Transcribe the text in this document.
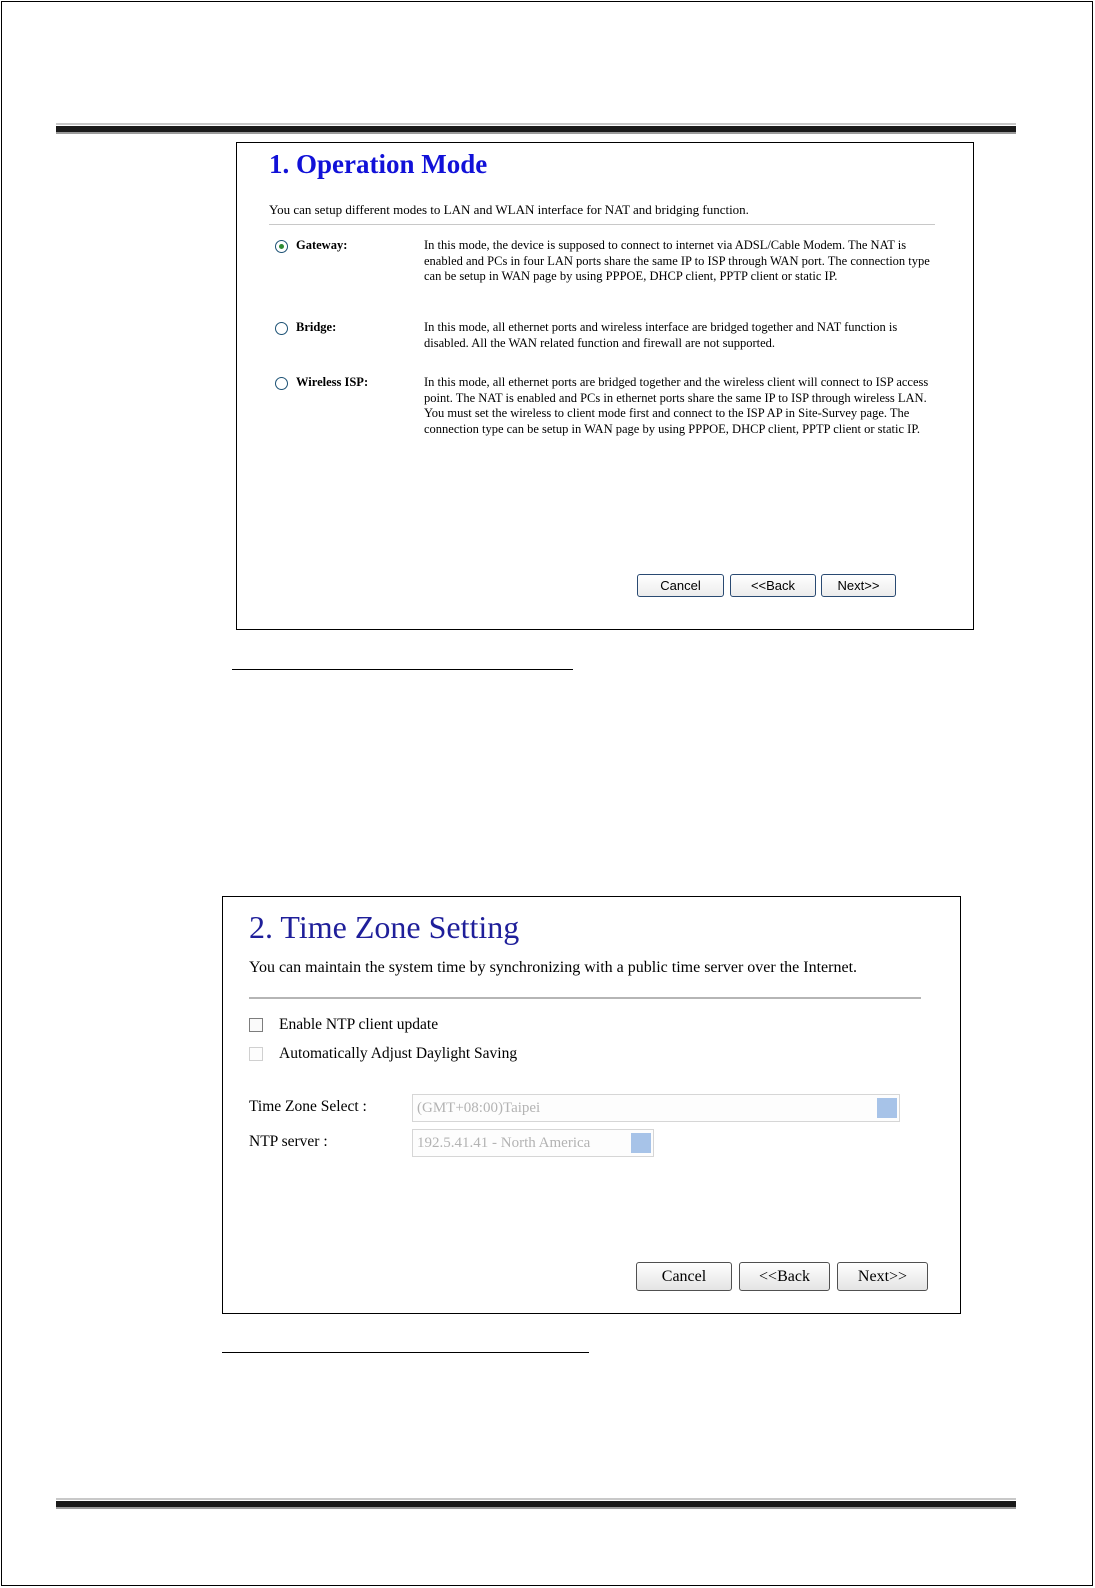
1. Operation Mode
You can setup different modes to LAN and WLAN interface for NAT and bridging function.
Gateway:	In this mode, the device is supposed to connect to internet via ADSL/Cable Modem. The NAT is enabled and PCs in four LAN ports share the same IP to ISP through WAN port. The connection type can be setup in WAN page by using PPPOE, DHCP client, PPTP client or static IP.
Bridge:	In this mode, all ethernet ports and wireless interface are bridged together and NAT function is disabled. All the WAN related function and firewall are not supported.
Wireless ISP:	In this mode, all ethernet ports are bridged together and the wireless client will connect to ISP access point. The NAT is enabled and PCs in ethernet ports share the same IP to ISP through wireless LAN. You must set the wireless to client mode first and connect to the ISP AP in Site-Survey page. The connection type can be setup in WAN page by using PPPOE, DHCP client, PPTP client or static IP.
Cancel	<<Back	Next>>
2. Time Zone Setting
You can maintain the system time by synchronizing with a public time server over the Internet.
Enable NTP client update
Automatically Adjust Daylight Saving
Time Zone Select :	(GMT+08:00)Taipei
NTP server :	192.5.41.41 - North America
Cancel	<<Back	Next>>
